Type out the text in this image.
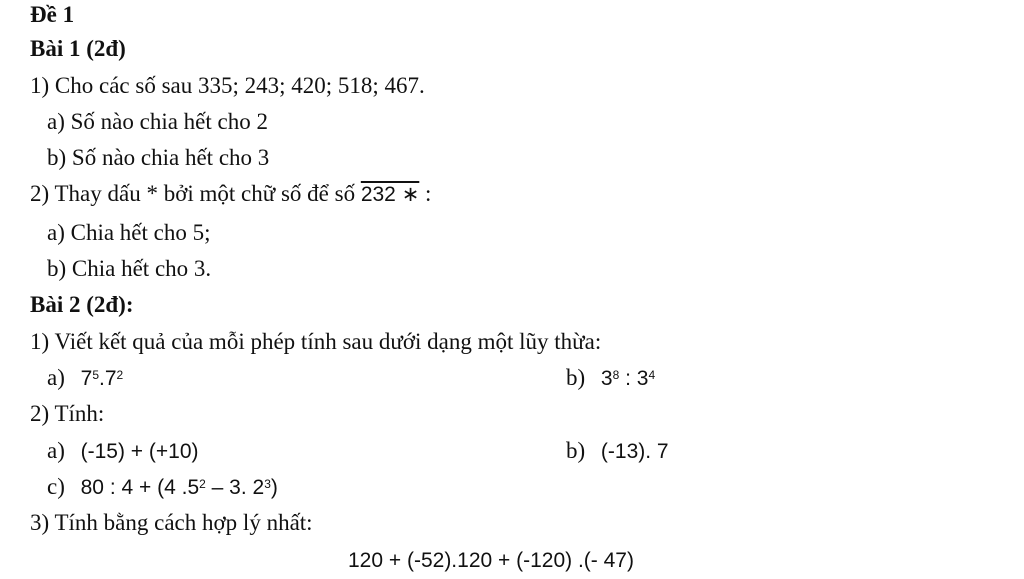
Đề 1
Bài 1 (2đ)
1) Cho các số sau 335; 243; 420; 518; 467.
a) Số nào chia hết cho 2
b) Số nào chia hết cho 3
2) Thay dấu * bởi một chữ số để số 232 ∗ :
a) Chia hết cho 5;
b) Chia hết cho 3.
Bài 2 (2đ):
1) Viết kết quả của mỗi phép tính sau dưới dạng một lũy thừa:
a) $7^5.7^2$	b) $3^8$ : $3^4$
2) Tính:
a) (-15) + (+10)	b) (-13). 7
c) 80 : 4 + (4 $.5^2 - 3$. $2^3$)
3) Tính bằng cách hợp lý nhất:
120 + (-52).120 + (-120) .(- 47)
